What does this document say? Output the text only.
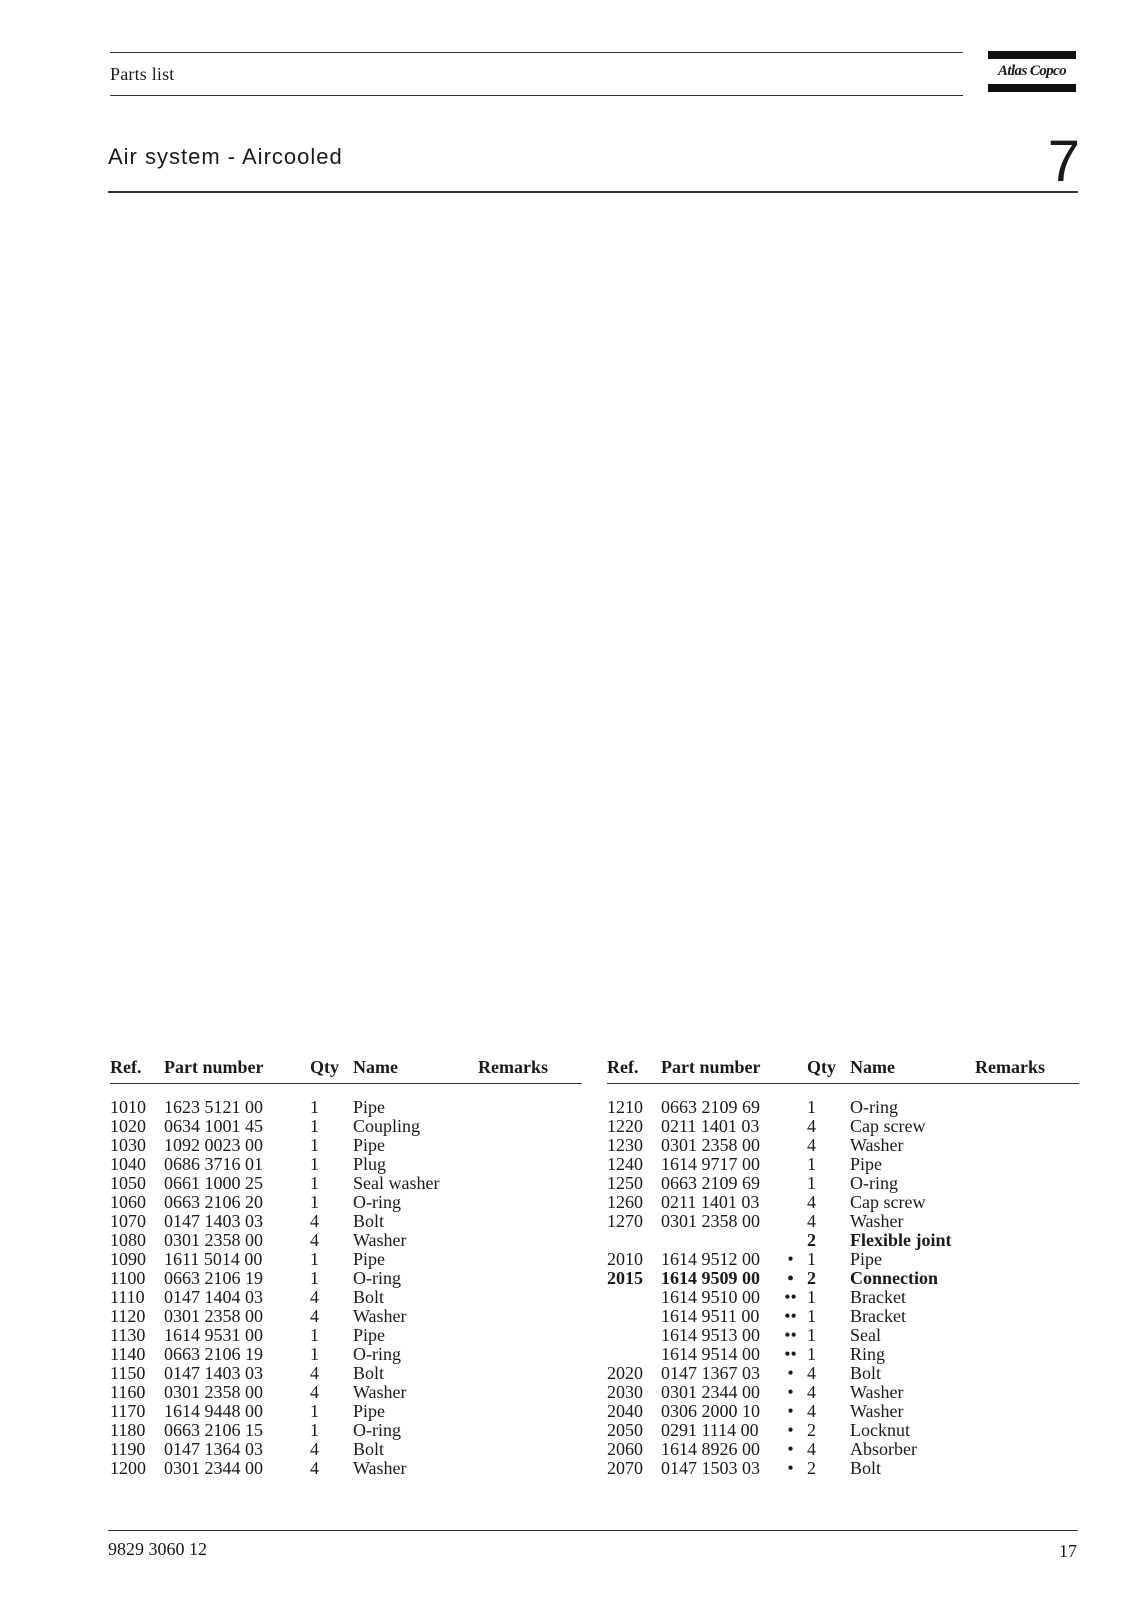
Parts list	Atlas Copco
Air system - Aircooled	7
Ref.	Part number	Qty	Name	Remarks
1010	1623 5121 00	1	Pipe	
1020	0634 1001 45	1	Coupling	
1030	1092 0023 00	1	Pipe	
1040	0686 3716 01	1	Plug	
1050	0661 1000 25	1	Seal washer	
1060	0663 2106 20	1	O-ring	
1070	0147 1403 03	4	Bolt	
1080	0301 2358 00	4	Washer	
1090	1611 5014 00	1	Pipe	
1100	0663 2106 19	1	O-ring	
1110	0147 1404 03	4	Bolt	
1120	0301 2358 00	4	Washer	
1130	1614 9531 00	1	Pipe	
1140	0663 2106 19	1	O-ring	
1150	0147 1403 03	4	Bolt	
1160	0301 2358 00	4	Washer	
1170	1614 9448 00	1	Pipe	
1180	0663 2106 15	1	O-ring	
1190	0147 1364 03	4	Bolt	
1200	0301 2344 00	4	Washer	
Ref.	Part number		Qty	Name	Remarks
1210	0663 2109 69		1	O-ring	
1220	0211 1401 03		4	Cap screw	
1230	0301 2358 00		4	Washer	
1240	1614 9717 00		1	Pipe	
1250	0663 2109 69		1	O-ring	
1260	0211 1401 03		4	Cap screw	
1270	0301 2358 00		4	Washer	
			2	Flexible joint	
2010	1614 9512 00	•	1	Pipe	
2015	1614 9509 00	•	2	Connection	
	1614 9510 00	••	1	Bracket	
	1614 9511 00	••	1	Bracket	
	1614 9513 00	••	1	Seal	
	1614 9514 00	••	1	Ring	
2020	0147 1367 03	•	4	Bolt	
2030	0301 2344 00	•	4	Washer	
2040	0306 2000 10	•	4	Washer	
2050	0291 1114 00	•	2	Locknut	
2060	1614 8926 00	•	4	Absorber	
2070	0147 1503 03	•	2	Bolt	
9829 3060 12	17
